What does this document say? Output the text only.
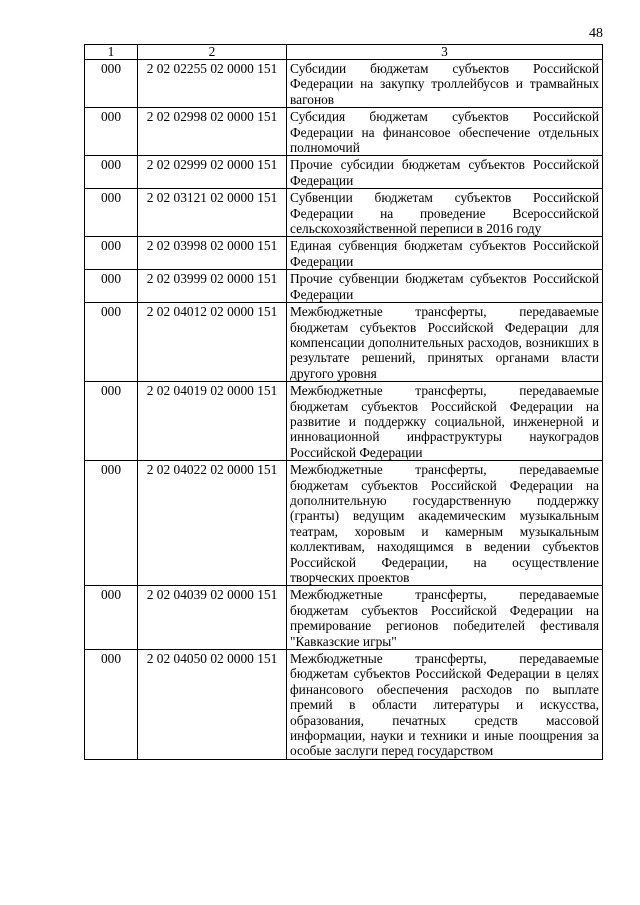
48
1	2	3
000	2 02 02255 02 0000 151	Субсидии бюджетам субъектов Российской Федерации на закупку троллейбусов и трамвайных вагонов
000	2 02 02998 02 0000 151	Субсидия бюджетам субъектов Российской Федерации на финансовое обеспечение отдельных полномочий
000	2 02 02999 02 0000 151	Прочие субсидии бюджетам субъектов Российской Федерации
000	2 02 03121 02 0000 151	Субвенции бюджетам субъектов Российской Федерации на проведение Всероссийской сельскохозяйственной переписи в 2016 году
000	2 02 03998 02 0000 151	Единая субвенция бюджетам субъектов Российской Федерации
000	2 02 03999 02 0000 151	Прочие субвенции бюджетам субъектов Российской Федерации
000	2 02 04012 02 0000 151	Межбюджетные трансферты, передаваемые бюджетам субъектов Российской Федерации для компенсации дополнительных расходов, возникших в результате решений, принятых органами власти другого уровня
000	2 02 04019 02 0000 151	Межбюджетные трансферты, передаваемые бюджетам субъектов Российской Федерации на развитие и поддержку социальной, инженерной и инновационной инфраструктуры наукоградов Российской Федерации
000	2 02 04022 02 0000 151	Межбюджетные трансферты, передаваемые бюджетам субъектов Российской Федерации на дополнительную государственную поддержку (гранты) ведущим академическим музыкальным театрам, хоровым и камерным музыкальным коллективам, находящимся в ведении субъектов Российской Федерации, на осуществление творческих проектов
000	2 02 04039 02 0000 151	Межбюджетные трансферты, передаваемые бюджетам субъектов Российской Федерации на премирование регионов победителей фестиваля "Кавказские игры"
000	2 02 04050 02 0000 151	Межбюджетные трансферты, передаваемые бюджетам субъектов Российской Федерации в целях финансового обеспечения расходов по выплате премий в области литературы и искусства, образования, печатных средств массовой информации, науки и техники и иные поощрения за особые заслуги перед государством
